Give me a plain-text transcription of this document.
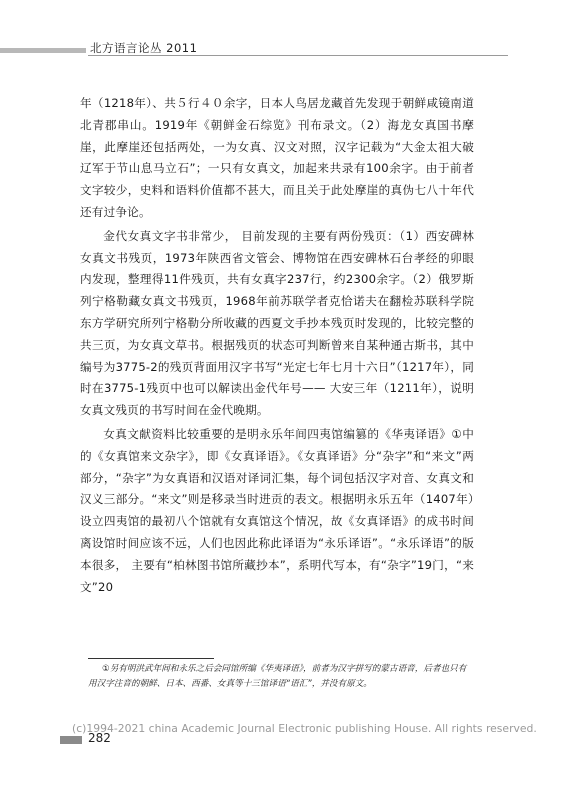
北方语言论丛 2011

年（1218年）、共５行４０余字，日本人鸟居龙藏首先发现于朝鲜咸镜南道北青郡串山。1919年《朝鲜金石综览》刊布录文。（2）海龙女真国书摩崖，此摩崖还包括两处，一为女真、汉文对照，汉字记载为“大金太祖大破辽军于节山息马立石”；一只有女真文，加起来共录有100余字。由于前者文字较少，史料和语料价值都不甚大，而且关于此处摩崖的真伪七八十年代还有过争论。

金代女真文字书非常少， 目前发现的主要有两份残页：（1）西安碑林女真文书残页，1973年陕西省文管会、博物馆在西安碑林石台孝经的卯眼内发现，整理得11件残页，共有女真字237行，约2300余字。（2）俄罗斯列宁格勒藏女真文书残页，1968年前苏联学者克恰诺夫在翻检苏联科学院东方学研究所列宁格勒分所收藏的西夏文手抄本残页时发现的，比较完整的共三页，为女真文草书。根据残页的状态可判断曾来自某种通古斯书，其中编号为3775-2的残页背面用汉字书写“光定七年七月十六日”（1217年），同时在3775-1残页中也可以解读出金代年号—— 大安三年（1211年），说明女真文残页的书写时间在金代晚期。

女真文献资料比较重要的是明永乐年间四夷馆编篡的《华夷译语》①中的《女真馆来文杂字》，即《女真译语》。《女真译语》分“杂字”和“来文”两部分，“杂字”为女真语和汉语对译词汇集，每个词包括汉字对音、女真文和汉义三部分。“来文”则是移录当时进贡的表文。根据明永乐五年（1407年）设立四夷馆的最初八个馆就有女真馆这个情况，故《女真译语》的成书时间离设馆时间应该不远，人们也因此称此译语为“永乐译语”。“永乐译语”的版本很多， 主要有“柏林图书馆所藏抄本”，系明代写本，有“杂字”19门，“来文”20

①另有明洪武年间和永乐之后会同馆所编《华夷译语》，前者为汉字拼写的蒙古语音，后者也只有用汉字注音的朝鲜、日本、西番、女真等十三馆译语“语汇”，并没有原文。
(c)1994-2021 china Academic Journal Electronic publishing House. All rights reserved.
282
